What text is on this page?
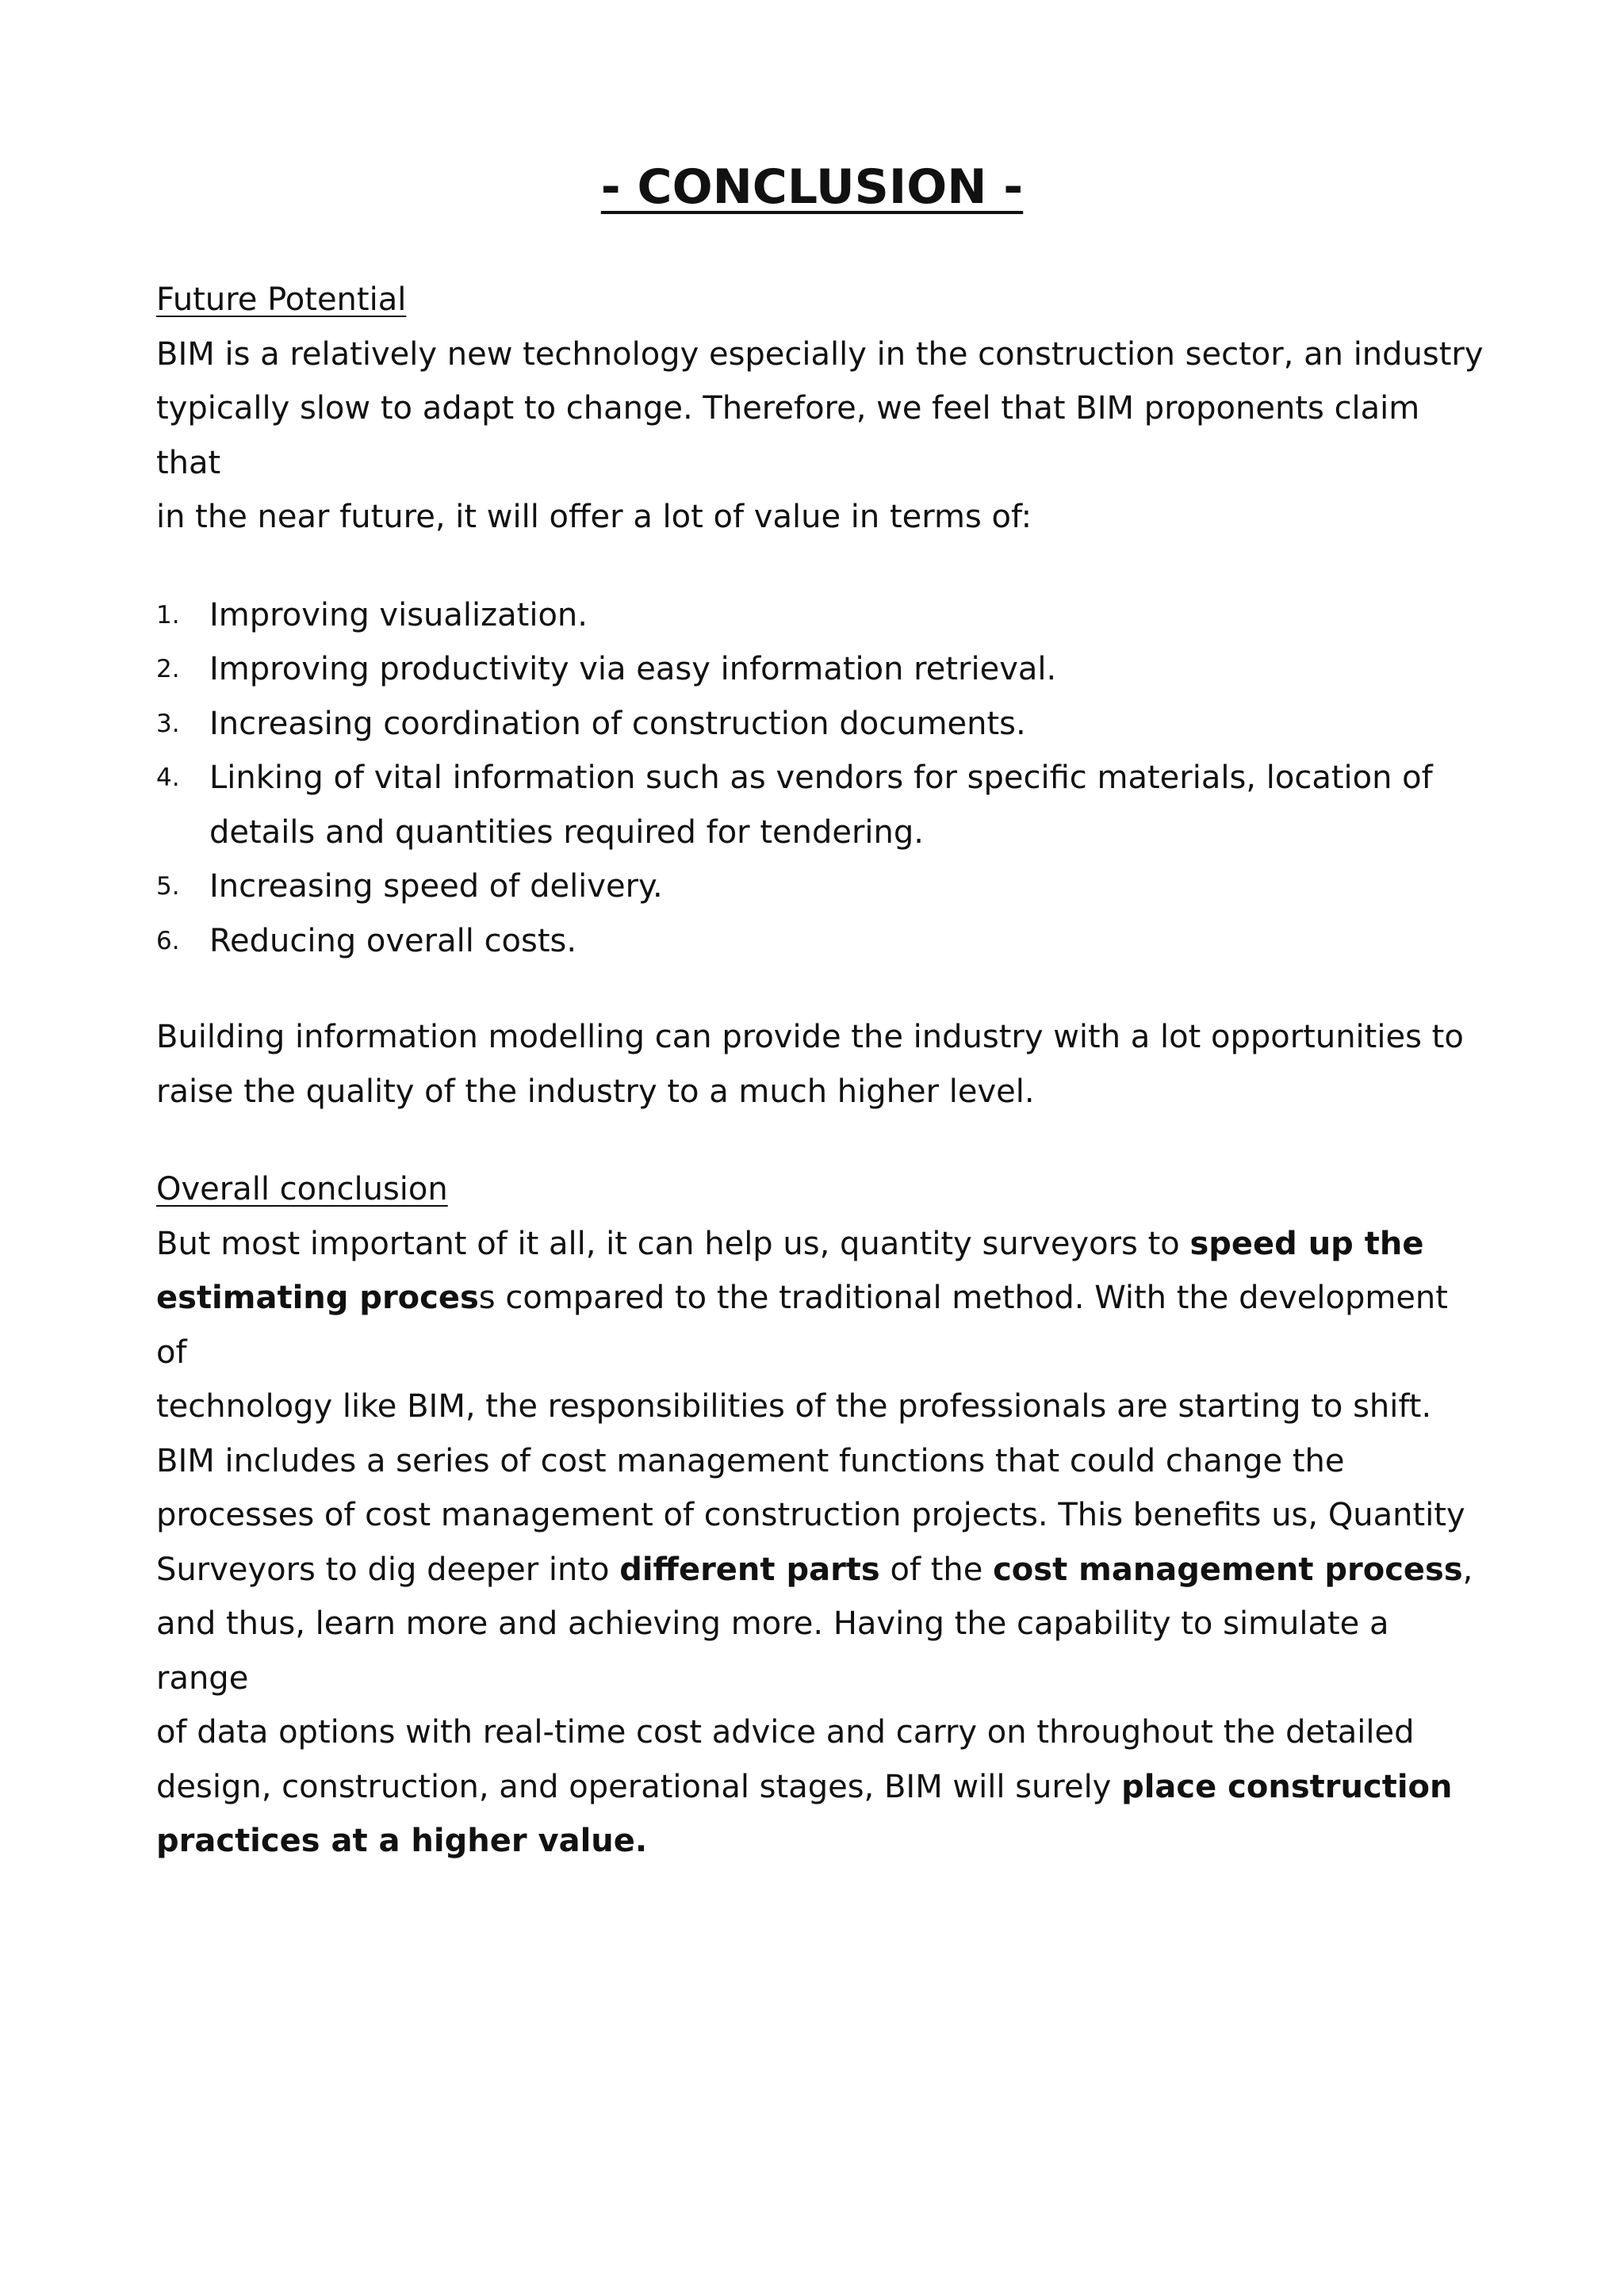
- CONCLUSION -
Future Potential
BIM is a relatively new technology especially in the construction sector, an industry
typically slow to adapt to change. Therefore, we feel that BIM proponents claim that
in the near future, it will offer a lot of value in terms of:
1. Improving visualization.
2. Improving productivity via easy information retrieval.
3. Increasing coordination of construction documents.
4. Linking of vital information such as vendors for specific materials, location of
details and quantities required for tendering.
5. Increasing speed of delivery.
6. Reducing overall costs.
Building information modelling can provide the industry with a lot opportunities to
raise the quality of the industry to a much higher level.
Overall conclusion
But most important of it all, it can help us, quantity surveyors to speed up the
estimating process compared to the traditional method. With the development of
technology like BIM, the responsibilities of the professionals are starting to shift.
BIM includes a series of cost management functions that could change the
processes of cost management of construction projects. This benefits us, Quantity
Surveyors to dig deeper into different parts of the cost management process,
and thus, learn more and achieving more. Having the capability to simulate a range
of data options with real-time cost advice and carry on throughout the detailed
design, construction, and operational stages, BIM will surely place construction
practices at a higher value.
